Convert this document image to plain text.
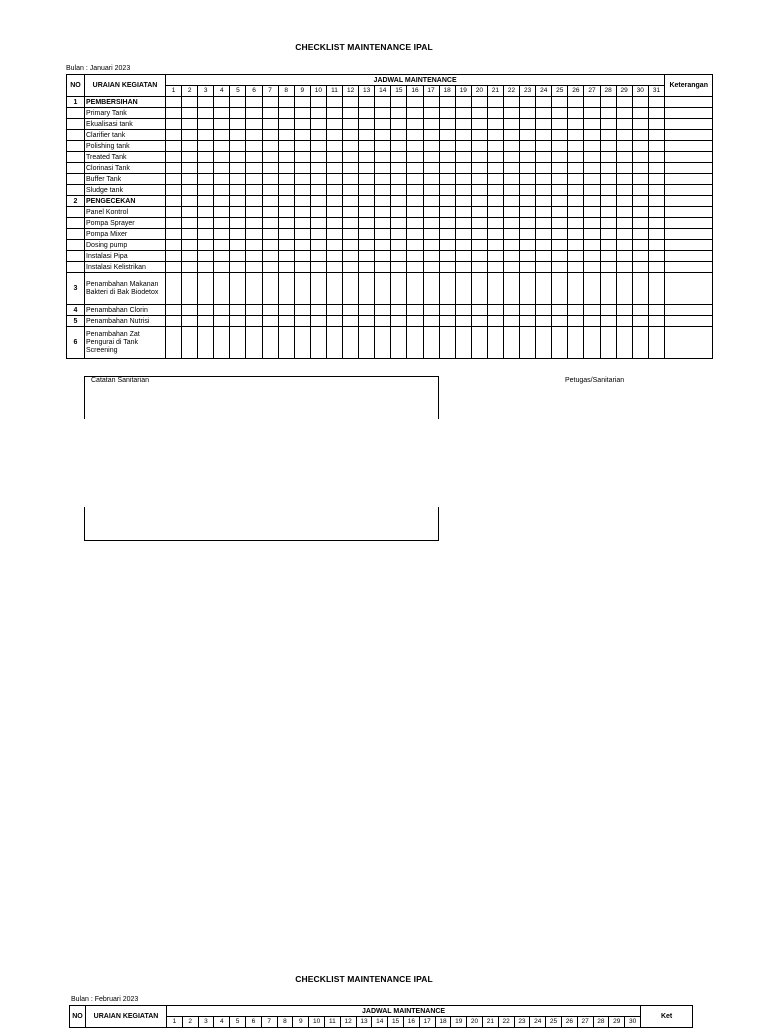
CHECKLIST MAINTENANCE IPAL
Bulan : Januari 2023
NO	URAIAN KEGIATAN	JADWAL MAINTENANCE																															Keterangan
		1	2	3	4	5	6	7	8	9	10	11	12	13	14	15	16	17	18	19	20	21	22	23	24	25	26	27	28	29	30	31	
1	PEMBERSIHAN																																
	Primary Tank																																
	Ekualisasi tank																																
	Clarifier tank																																
	Polishing tank																																
	Treated Tank																																
	Clorinasi Tank																																
	Buffer Tank																																
	Sludge tank																																
2	PENGECEKAN																																
	Panel Kontrol																																
	Pompa Sprayer																																
	Pompa Mixer																																
	Dosing pump																																
	Instalasi Pipa																																
	Instalasi Kelistrikan																																
3	Penambahan Makanan Bakteri di Bak Biodetox																																
4	Penambahan Clorin																																
5	Penambahan Nutrisi																																
6	Penambahan Zat Pengurai di Tank Screening																																
Catatan Sanitarian	Petugas/Sanitarian
CHECKLIST MAINTENANCE IPAL
Bulan : Februari 2023
NO	URAIAN KEGIATAN	JADWAL MAINTENANCE																														Ket
		1	2	3	4	5	6	7	8	9	10	11	12	13	14	15	16	17	18	19	20	21	22	23	24	25	26	27	28	29	30	
